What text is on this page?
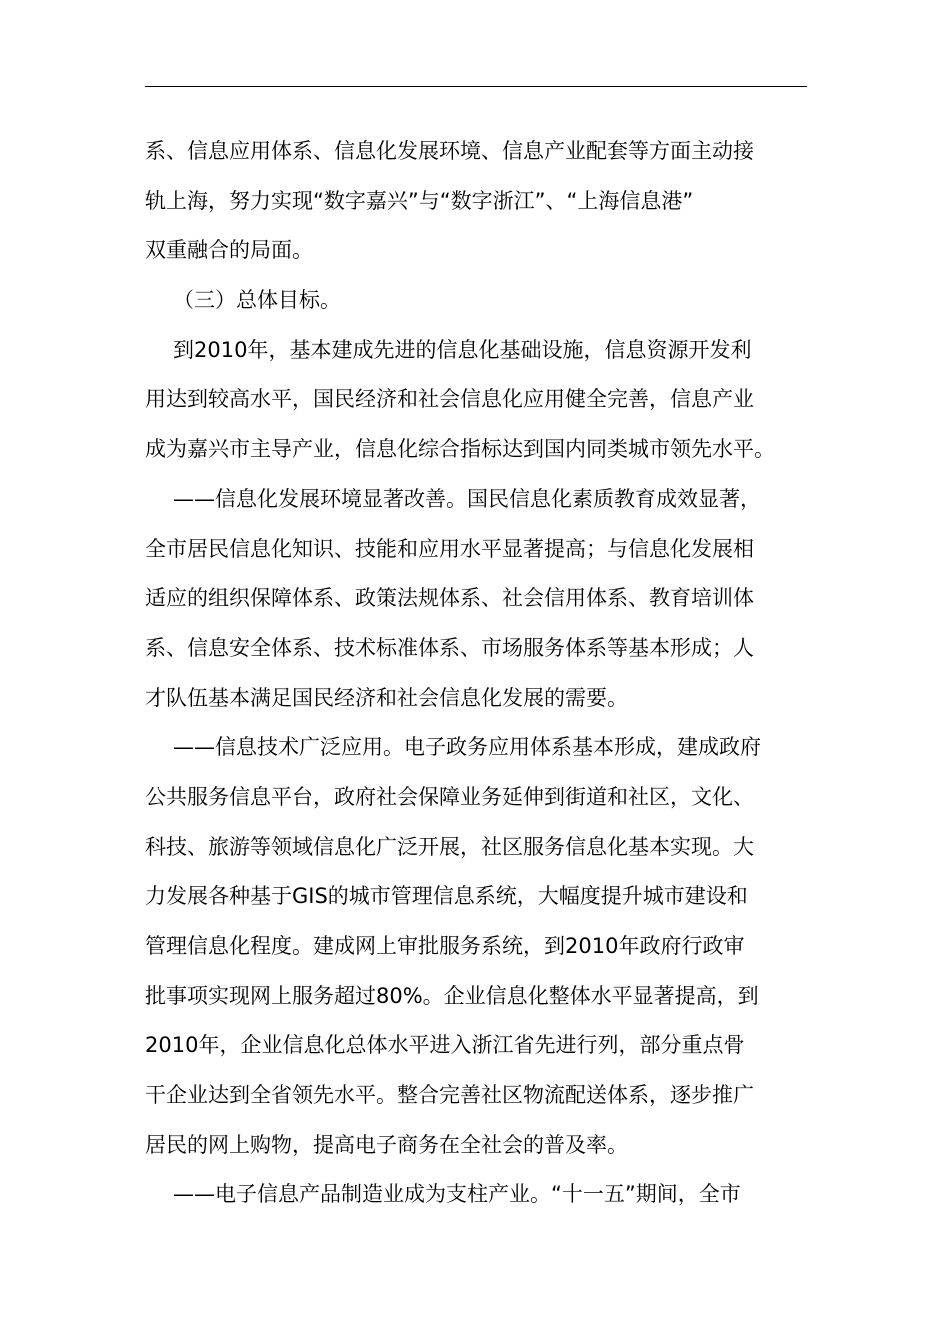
系、信息应用体系、信息化发展环境、信息产业配套等方面主动接
轨上海，努力实现“数字嘉兴”与“数字浙江”、“上海信息港”
双重融合的局面。
（三）总体目标。
到2010年，基本建成先进的信息化基础设施，信息资源开发利
用达到较高水平，国民经济和社会信息化应用健全完善，信息产业
成为嘉兴市主导产业，信息化综合指标达到国内同类城市领先水平。
——信息化发展环境显著改善。国民信息化素质教育成效显著，
全市居民信息化知识、技能和应用水平显著提高；与信息化发展相
适应的组织保障体系、政策法规体系、社会信用体系、教育培训体
系、信息安全体系、技术标准体系、市场服务体系等基本形成；人
才队伍基本满足国民经济和社会信息化发展的需要。
——信息技术广泛应用。电子政务应用体系基本形成，建成政府
公共服务信息平台，政府社会保障业务延伸到街道和社区，文化、
科技、旅游等领域信息化广泛开展，社区服务信息化基本实现。大
力发展各种基于GIS的城市管理信息系统，大幅度提升城市建设和
管理信息化程度。建成网上审批服务系统，到2010年政府行政审
批事项实现网上服务超过80%。企业信息化整体水平显著提高，到
2010年，企业信息化总体水平进入浙江省先进行列，部分重点骨
干企业达到全省领先水平。整合完善社区物流配送体系，逐步推广
居民的网上购物，提高电子商务在全社会的普及率。
——电子信息产品制造业成为支柱产业。“十一五”期间，全市
